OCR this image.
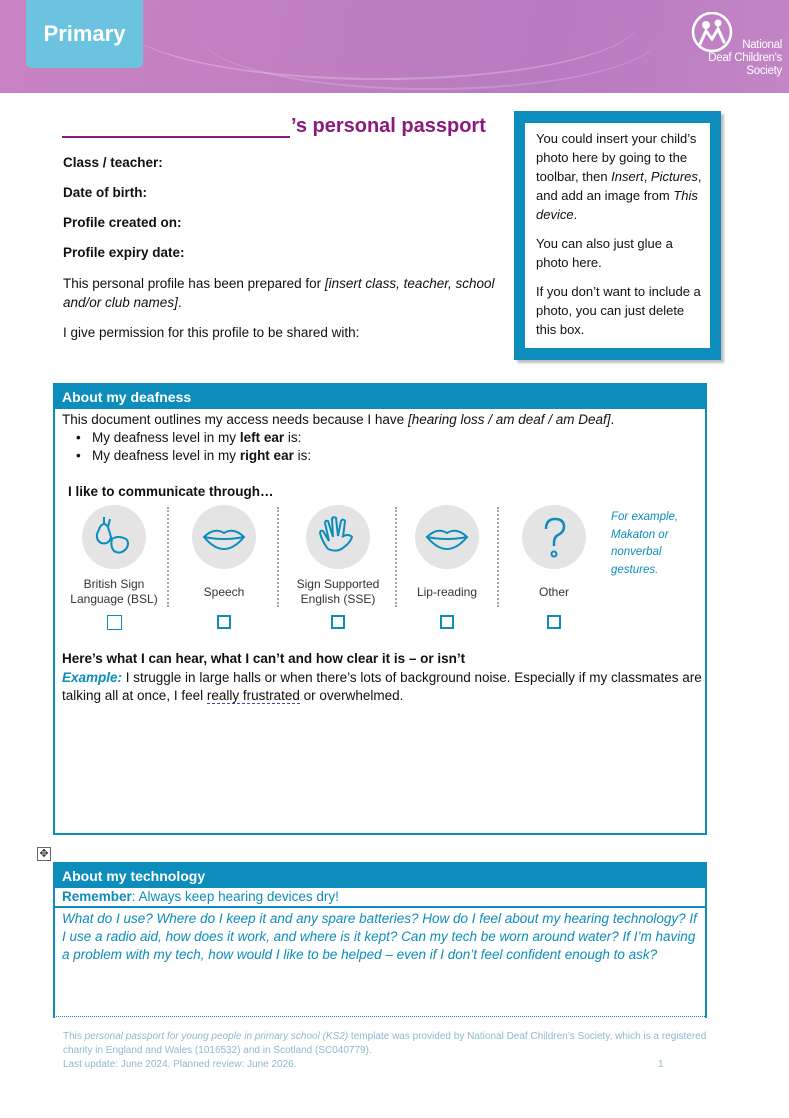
Primary	National
Deaf Children's
Society
’s personal passport
Class / teacher:
Date of birth:
Profile created on:
Profile expiry date:
This personal profile has been prepared for [insert class, teacher, school and/or club names].
I give permission for this profile to be shared with:

You could insert your child’s photo here by going to the toolbar, then Insert, Pictures, and add an image from This device.

You can also just glue a photo here.

If you don’t want to include a photo, you can just delete this box.

About my deafness
This document outlines my access needs because I have [hearing loss / am deaf / am Deaf].
• My deafness level in my left ear is:
• My deafness level in my right ear is:
I like to communicate through…
British Sign Language (BSL)
Speech
Sign Supported English (SSE)
Lip-reading	Other
For example, Makaton or nonverbal gestures.
Here’s what I can hear, what I can’t and how clear it is – or isn’t
Example: I struggle in large halls or when there’s lots of background noise. Especially if my classmates are talking all at once, I feel really frustrated or overwhelmed.
✥
About my technology
Remember: Always keep hearing devices dry!
What do I use? Where do I keep it and any spare batteries? How do I feel about my hearing technology? If I use a radio aid, how does it work, and where is it kept? Can my tech be worn around water? If I’m having a problem with my tech, how would I like to be helped – even if I don’t feel confident enough to ask?
This personal passport for young people in primary school (KS2) template was provided by National Deaf Children’s Society, which is a registered charity in England and Wales (1016532) and in Scotland (SC040779).
Last update: June 2024. Planned review: June 2026.	1
